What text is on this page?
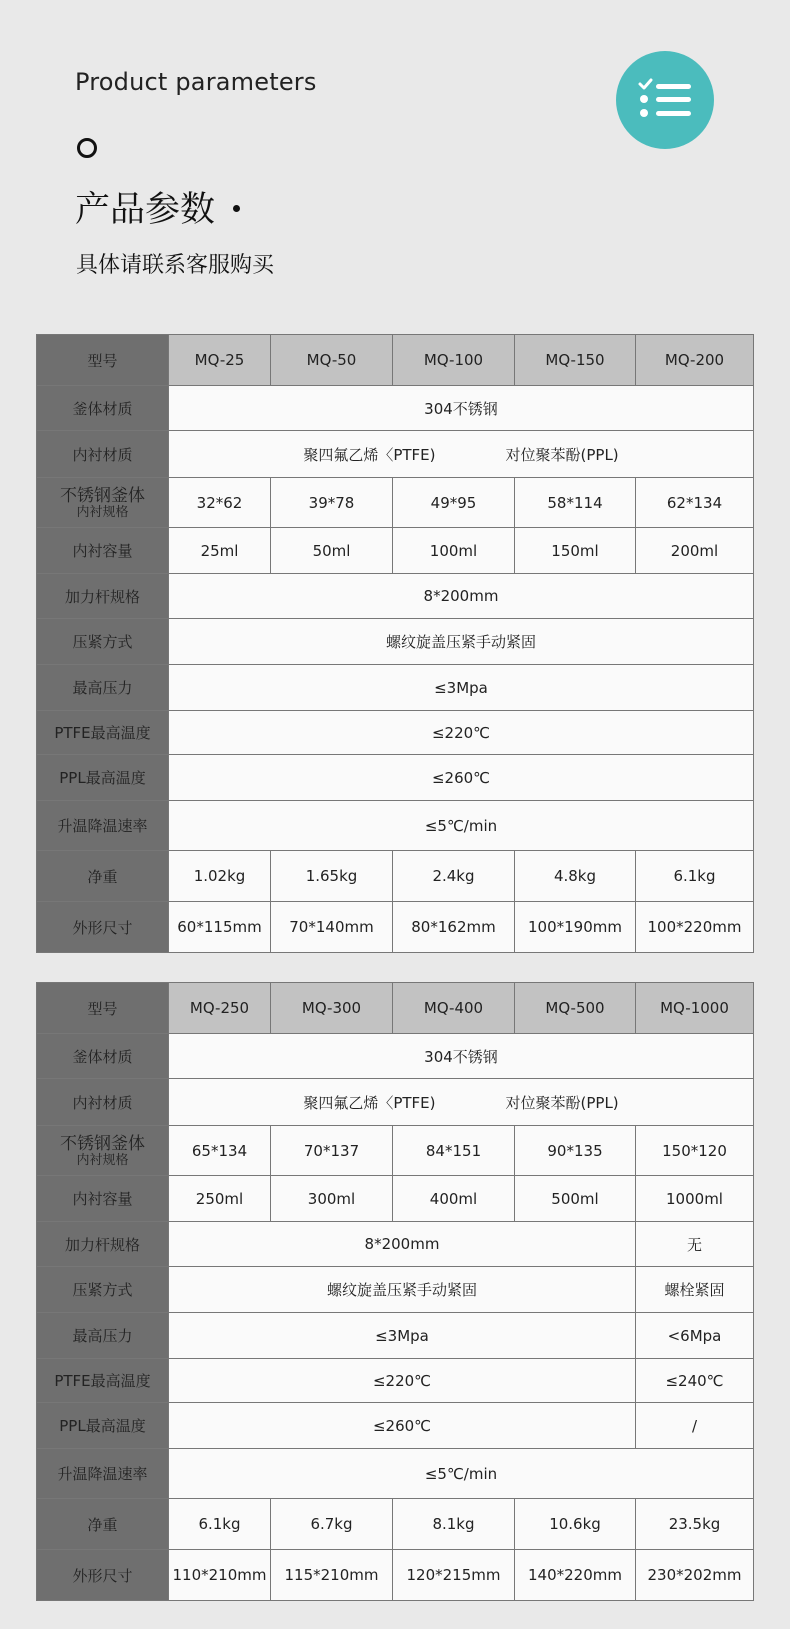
Product parameters
产品参数
具体请联系客服购买
型号	MQ-25	MQ-50	MQ-100	MQ-150	MQ-200
釜体材质	304不锈钢				
内衬材质	聚四氟乙烯〈PTFE) 对位聚苯酚(PPL)				

不锈钢釜体
内衬规格	32*62	39*78	49*95	58*114	62*134
内衬容量	25ml	50ml	100ml	150ml	200ml
加力杆规格	8*200mm				
压紧方式	螺纹旋盖压紧手动紧固				
最高压力	≤3Mpa				
PTFE最高温度	≤220℃				
PPL最高温度	≤260℃				
升温降温速率	≤5℃/min				
净重	1.02kg	1.65kg	2.4kg	4.8kg	6.1kg
外形尺寸	60*115mm	70*140mm	80*162mm	100*190mm	100*220mm
型号	MQ-250	MQ-300	MQ-400	MQ-500	MQ-1000
釜体材质	304不锈钢				
内衬材质	聚四氟乙烯〈PTFE) 对位聚苯酚(PPL)				

不锈钢釜体
内衬规格	65*134	70*137	84*151	90*135	150*120
内衬容量	250ml	300ml	400ml	500ml	1000ml
加力杆规格	8*200mm				无
压紧方式	螺纹旋盖压紧手动紧固				螺栓紧固
最高压力	≤3Mpa				<6Mpa
PTFE最高温度	≤220℃				≤240℃
PPL最高温度	≤260℃				/
升温降温速率	≤5℃/min				
净重	6.1kg	6.7kg	8.1kg	10.6kg	23.5kg
外形尺寸	110*210mm	115*210mm	120*215mm	140*220mm	230*202mm
